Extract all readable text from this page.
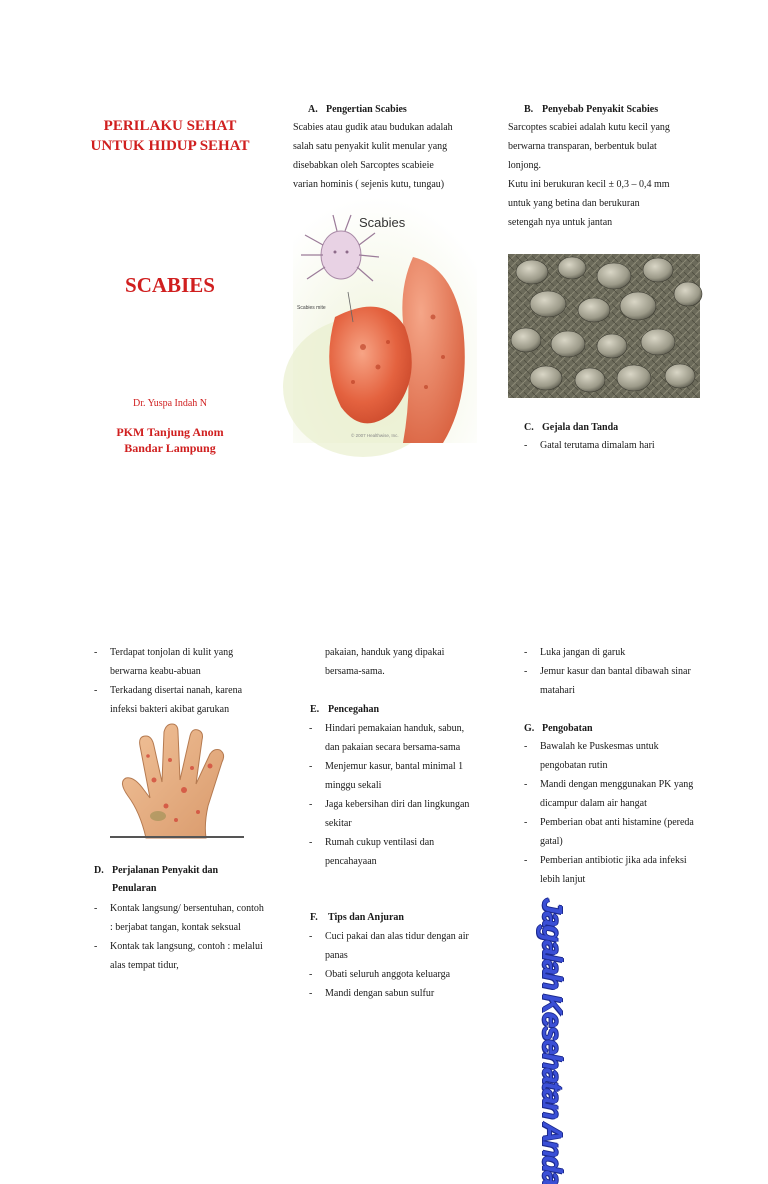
PERILAKU SEHAT
UNTUK HIDUP SEHAT
SCABIES
Dr. Yuspa Indah N
PKM Tanjung Anom
Bandar Lampung
A. Pengertian Scabies
Scabies atau gudik atau budukan adalah
salah satu penyakit kulit menular yang
disebabkan oleh Sarcoptes scabieie
varian hominis ( sejenis kutu, tungau)
Scabies
Scabies mite
© 2007 Healthwise, Inc.
B. Penyebab Penyakit Scabies
Sarcoptes scabiei adalah kutu kecil yang
berwarna transparan, berbentuk bulat
lonjong.
Kutu ini berukuran kecil ± 0,3 – 0,4 mm
untuk yang betina dan berukuran
setengah nya untuk jantan
C. Gejala dan Tanda
- Gatal terutama dimalam hari
- Terdapat tonjolan di kulit yang berwarna keabu-abuan
- Terkadang disertai nanah, karena infeksi bakteri akibat garukan
D. Perjalanan Penyakit dan
Penularan
- Kontak langsung/ bersentuhan, contoh : berjabat tangan, kontak seksual
- Kontak tak langsung, contoh : melalui alas tempat tidur,
pakaian, handuk yang dipakai
bersama-sama.
E. Pencegahan
- Hindari pemakaian handuk, sabun, dan pakaian secara bersama-sama
- Menjemur kasur, bantal minimal 1 minggu sekali
- Jaga kebersihan diri dan lingkungan sekitar
- Rumah cukup ventilasi dan pencahayaan
F. Tips dan Anjuran
- Cuci pakai dan alas tidur dengan air panas
- Obati seluruh anggota keluarga
- Mandi dengan sabun sulfur
- Luka jangan di garuk
- Jemur kasur dan bantal dibawah sinar matahari
G. Pengobatan
- Bawalah ke Puskesmas untuk pengobatan rutin
- Mandi dengan menggunakan PK yang dicampur dalam air hangat
- Pemberian obat anti histamine (pereda gatal)
- Pemberian antibiotic jika ada infeksi lebih lanjut
Jagalah Kesehatan Anda
